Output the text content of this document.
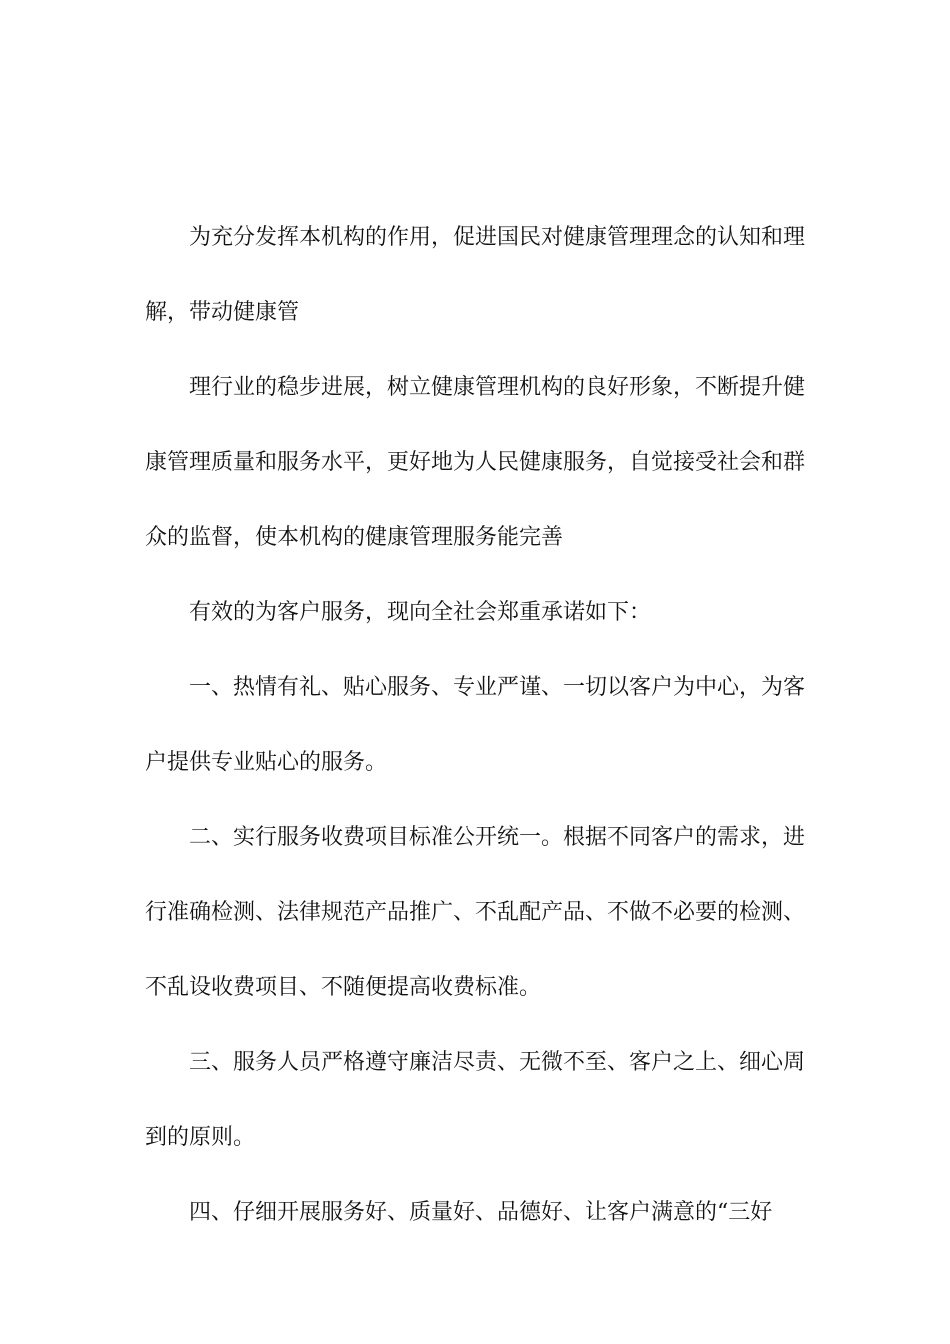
为充分发挥本机构的作用，促进国民对健康管理理念的认知和理解，带动健康管

理行业的稳步进展，树立健康管理机构的良好形象，不断提升健康管理质量和服务水平，更好地为人民健康服务，自觉接受社会和群众的监督，使本机构的健康管理服务能完善

有效的为客户服务，现向全社会郑重承诺如下：

一、热情有礼、贴心服务、专业严谨、一切以客户为中心，为客户提供专业贴心的服务。

二、实行服务收费项目标准公开统一。根据不同客户的需求，进行准确检测、法律规范产品推广、不乱配产品、不做不必要的检测、不乱设收费项目、不随便提高收费标准。

三、服务人员严格遵守廉洁尽责、无微不至、客户之上、细心周到的原则。

四、仔细开展服务好、质量好、品德好、让客户满意的“三好
